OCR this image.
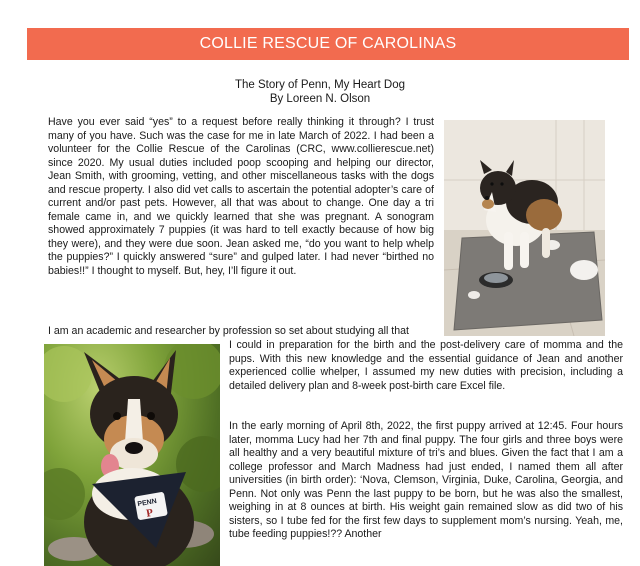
COLLIE RESCUE OF CAROLINAS
The Story of Penn, My Heart Dog
By Loreen N. Olson

Have you ever said “yes” to a request before really thinking it through? I trust many of you have. Such was the case for me in late March of 2022. I had been a volunteer for the Collie Rescue of the Carolinas (CRC, www.collierescue.net) since 2020. My usual duties included poop scooping and helping our director, Jean Smith, with grooming, vetting, and other miscellaneous tasks with the dogs and rescue property. I also did vet calls to ascertain the potential adopter’s care of current and/or past pets. However, all that was about to change. One day a tri female came in, and we quickly learned that she was pregnant. A sonogram showed approximately 7 puppies (it was hard to tell exactly because of how big they were), and they were due soon. Jean asked me, “do you want to help whelp the puppies?” I quickly answered “sure” and gulped later. I had never “birthed no babies!!” I thought to myself. But, hey, I’ll figure it out.

I am an academic and researcher by profession so set about studying all that

I could in preparation for the birth and the post-delivery care of momma and the pups. With this new knowledge and the essential guidance of Jean and another experienced collie whelper, I assumed my new duties with precision, including a detailed delivery plan and 8-week post-birth care Excel file.

PENN
P

In the early morning of April 8th, 2022, the first puppy arrived at 12:45. Four hours later, momma Lucy had her 7th and final puppy. The four girls and three boys were all healthy and a very beautiful mixture of tri’s and blues. Given the fact that I am a college professor and March Madness had just ended, I named them all after universities (in birth order): ‘Nova, Clemson, Virginia, Duke, Carolina, Georgia, and Penn. Not only was Penn the last puppy to be born, but he was also the smallest, weighing in at 8 ounces at birth. His weight gain remained slow as did two of his sisters, so I tube fed for the first few days to supplement mom’s nursing. Yeah, me, tube feeding puppies!?? Another
